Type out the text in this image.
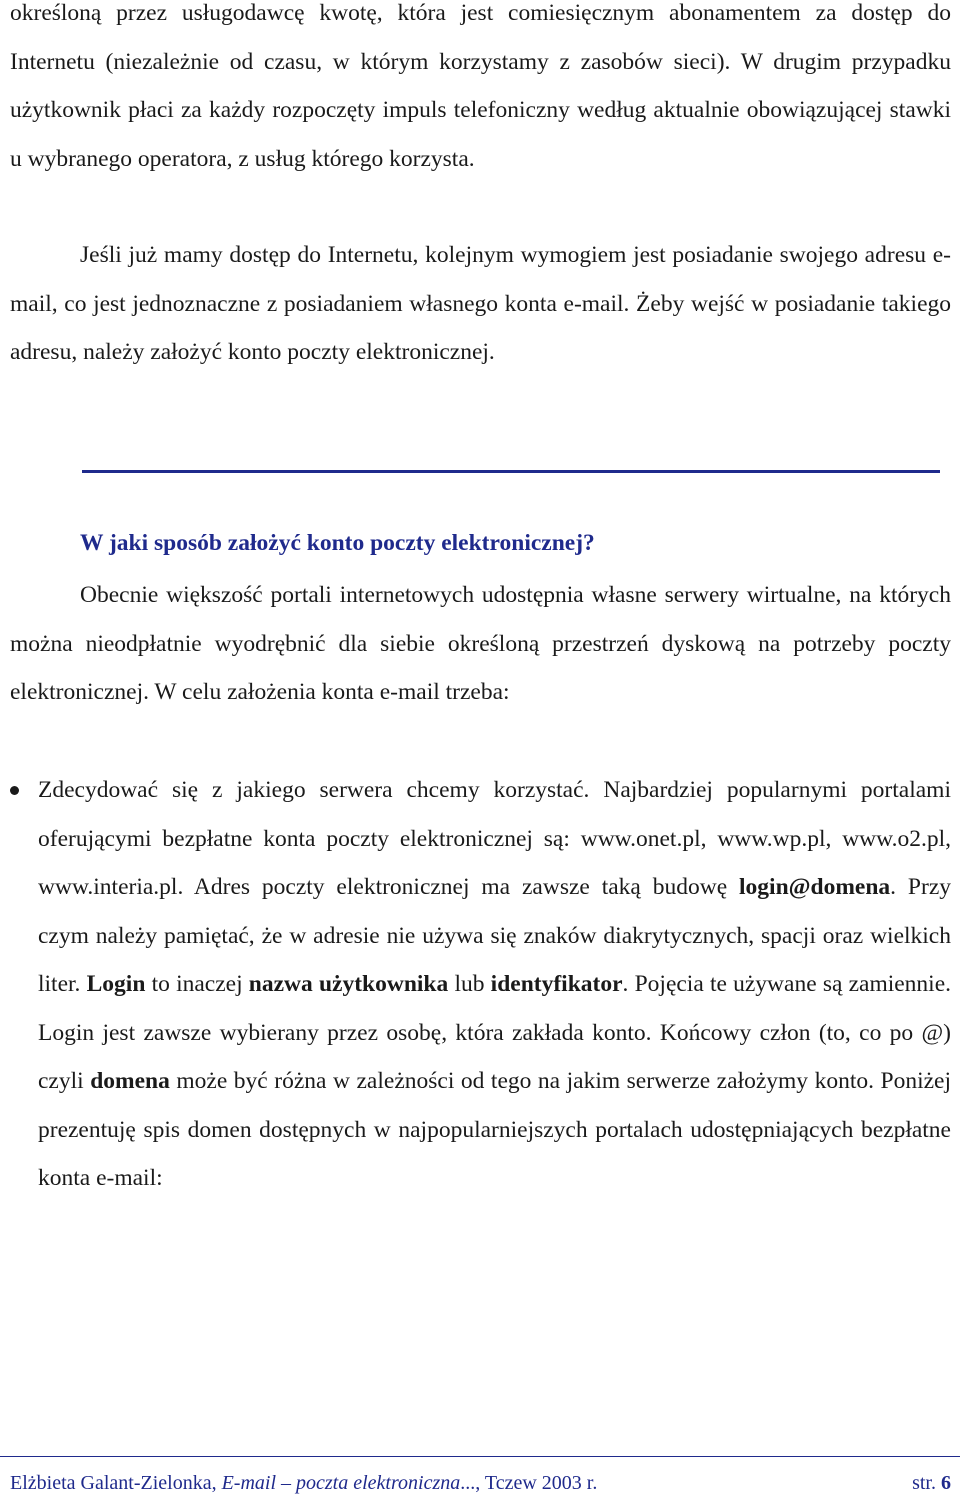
określoną przez usługodawcę kwotę, która jest comiesięcznym abonamentem za dostęp do Internetu (niezależnie od czasu, w którym korzystamy z zasobów sieci). W drugim przypadku użytkownik płaci za każdy rozpoczęty impuls telefoniczny według aktualnie obowiązującej stawki u wybranego operatora, z usług którego korzysta.

Jeśli już mamy dostęp do Internetu, kolejnym wymogiem jest posiadanie swojego adresu e-mail, co jest jednoznaczne z posiadaniem własnego konta e-mail. Żeby wejść w posiadanie takiego adresu, należy założyć konto poczty elektronicznej.

W jaki sposób założyć konto poczty elektronicznej?

Obecnie większość portali internetowych udostępnia własne serwery wirtualne, na których można nieodpłatnie wyodrębnić dla siebie określoną przestrzeń dyskową na potrzeby poczty elektronicznej. W celu założenia konta e-mail trzeba:

Zdecydować się z jakiego serwera chcemy korzystać. Najbardziej popularnymi portalami oferującymi bezpłatne konta poczty elektronicznej są: www.onet.pl, www.wp.pl, www.o2.pl, www.interia.pl. Adres poczty elektronicznej ma zawsze taką budowę login@domena. Przy czym należy pamiętać, że w adresie nie używa się znaków diakrytycznych, spacji oraz wielkich liter. Login to inaczej nazwa użytkownika lub identyfikator. Pojęcia te używane są zamiennie. Login jest zawsze wybierany przez osobę, która zakłada konto. Końcowy człon (to, co po @) czyli domena może być różna w zależności od tego na jakim serwerze założymy konto. Poniżej prezentuję spis domen dostępnych w najpopularniejszych portalach udostępniających bezpłatne konta e-mail:

Elżbieta Galant-Zielonka, E-mail – poczta elektroniczna..., Tczew 2003 r.	str. 6
